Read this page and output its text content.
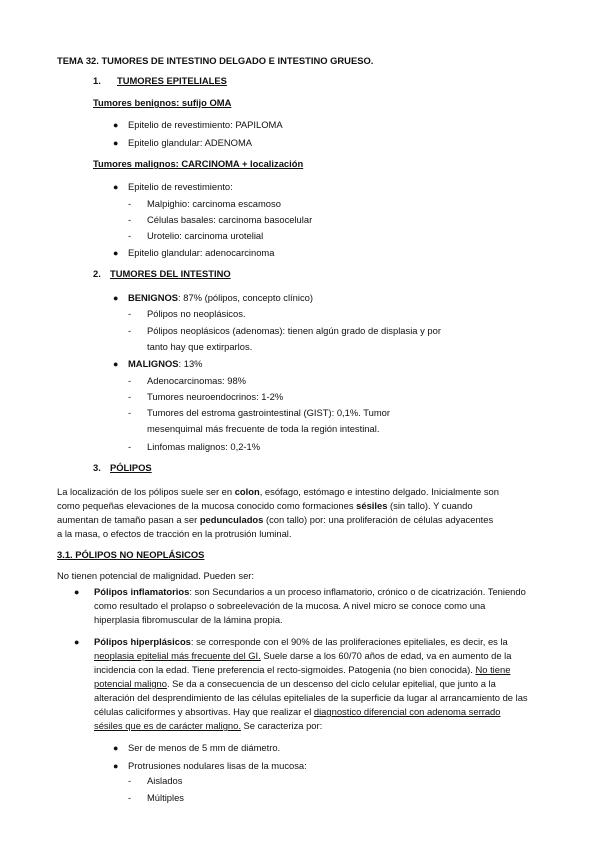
TEMA 32. TUMORES DE INTESTINO DELGADO E INTESTINO GRUESO.
1. TUMORES EPITELIALES
Tumores benignos: sufijo OMA
● Epitelio de revestimiento: PAPILOMA
● Epitelio glandular: ADENOMA
Tumores malignos: CARCINOMA + localización
● Epitelio de revestimiento:
- Malpighio: carcinoma escamoso
- Células basales: carcinoma basocelular
- Urotelio: carcinoma urotelial
● Epitelio glandular: adenocarcinoma
2. TUMORES DEL INTESTINO
● BENIGNOS: 87% (pólipos, concepto clínico)
- Pólipos no neoplásicos.
- Pólipos neoplásicos (adenomas): tienen algún grado de displasia y por
tanto hay que extirparlos.
● MALIGNOS: 13%
- Adenocarcinomas: 98%
- Tumores neuroendocrinos: 1-2%
- Tumores del estroma gastrointestinal (GIST): 0,1%. Tumor
mesenquimal más frecuente de toda la región intestinal.
- Linfomas malignos: 0,2-1%
3. PÓLIPOS
La localización de los pólipos suele ser en colon, esófago, estómago e intestino delgado. Inicialmente son
como pequeñas elevaciones de la mucosa conocido como formaciones sésiles (sin tallo). Y cuando
aumentan de tamaño pasan a ser pedunculados (con tallo) por: una proliferación de células adyacentes
a la masa, o efectos de tracción en la protrusión luminal.
3.1. PÓLIPOS NO NEOPLÁSICOS
No tienen potencial de malignidad. Pueden ser:
● Pólipos inflamatorios: son Secundarios a un proceso inflamatorio, crónico o de cicatrización. Teniendo
como resultado el prolapso o sobreelevación de la mucosa. A nivel micro se conoce como una
hiperplasia fibromuscular de la lámina propia.
● Pólipos hiperplásicos: se corresponde con el 90% de las proliferaciones epiteliales, es decir, es la
neoplasia epitelial más frecuente del GI. Suele darse a los 60/70 años de edad, va en aumento de la
incidencia con la edad. Tiene preferencia el recto-sigmoides. Patogenia (no bien conocida). No tiene
potencial maligno. Se da a consecuencia de un descenso del ciclo celular epitelial, que junto a la
alteración del desprendimiento de las células epiteliales de la superficie da lugar al arrancamiento de las
células caliciformes y absortivas. Hay que realizar el diagnostico diferencial con adenoma serrado
sésiles que es de carácter maligno. Se caracteriza por:
● Ser de menos de 5 mm de diámetro.
● Protrusiones nodulares lisas de la mucosa:
- Aislados
- Múltiples
